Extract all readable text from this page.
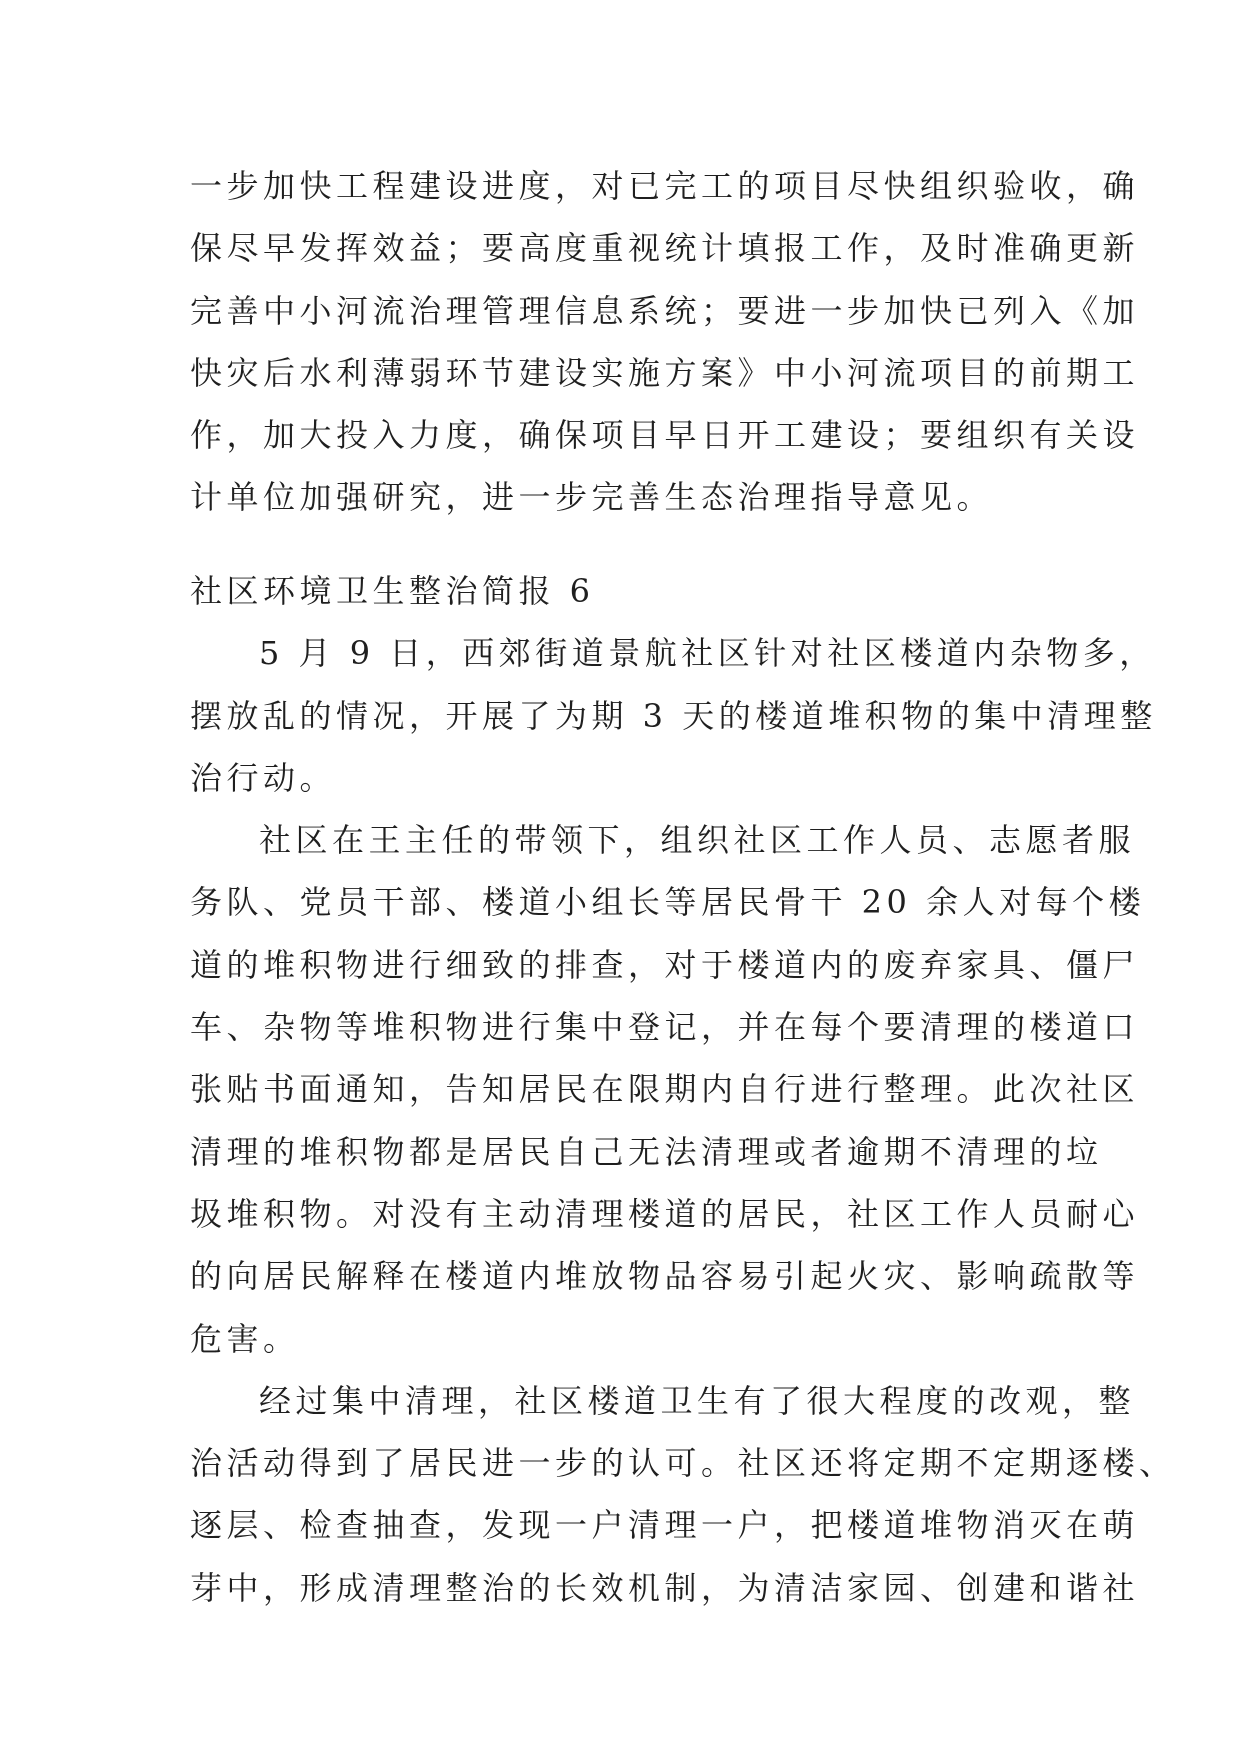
一步加快工程建设进度，对已完工的项目尽快组织验收，确
保尽早发挥效益；要高度重视统计填报工作，及时准确更新
完善中小河流治理管理信息系统；要进一步加快已列入《加
快灾后水利薄弱环节建设实施方案》中小河流项目的前期工
作，加大投入力度，确保项目早日开工建设；要组织有关设
计单位加强研究，进一步完善生态治理指导意见。
社区环境卫生整治简报 6
5 月 9 日，西郊街道景航社区针对社区楼道内杂物多，
摆放乱的情况，开展了为期 3 天的楼道堆积物的集中清理整
治行动。
社区在王主任的带领下，组织社区工作人员、志愿者服
务队、党员干部、楼道小组长等居民骨干 20 余人对每个楼
道的堆积物进行细致的排查，对于楼道内的废弃家具、僵尸
车、杂物等堆积物进行集中登记，并在每个要清理的楼道口
张贴书面通知，告知居民在限期内自行进行整理。此次社区
清理的堆积物都是居民自己无法清理或者逾期不清理的垃
圾堆积物。对没有主动清理楼道的居民，社区工作人员耐心
的向居民解释在楼道内堆放物品容易引起火灾、影响疏散等
危害。
经过集中清理，社区楼道卫生有了很大程度的改观，整
治活动得到了居民进一步的认可。社区还将定期不定期逐楼、
逐层、检查抽查，发现一户清理一户，把楼道堆物消灭在萌
芽中，形成清理整治的长效机制，为清洁家园、创建和谐社
